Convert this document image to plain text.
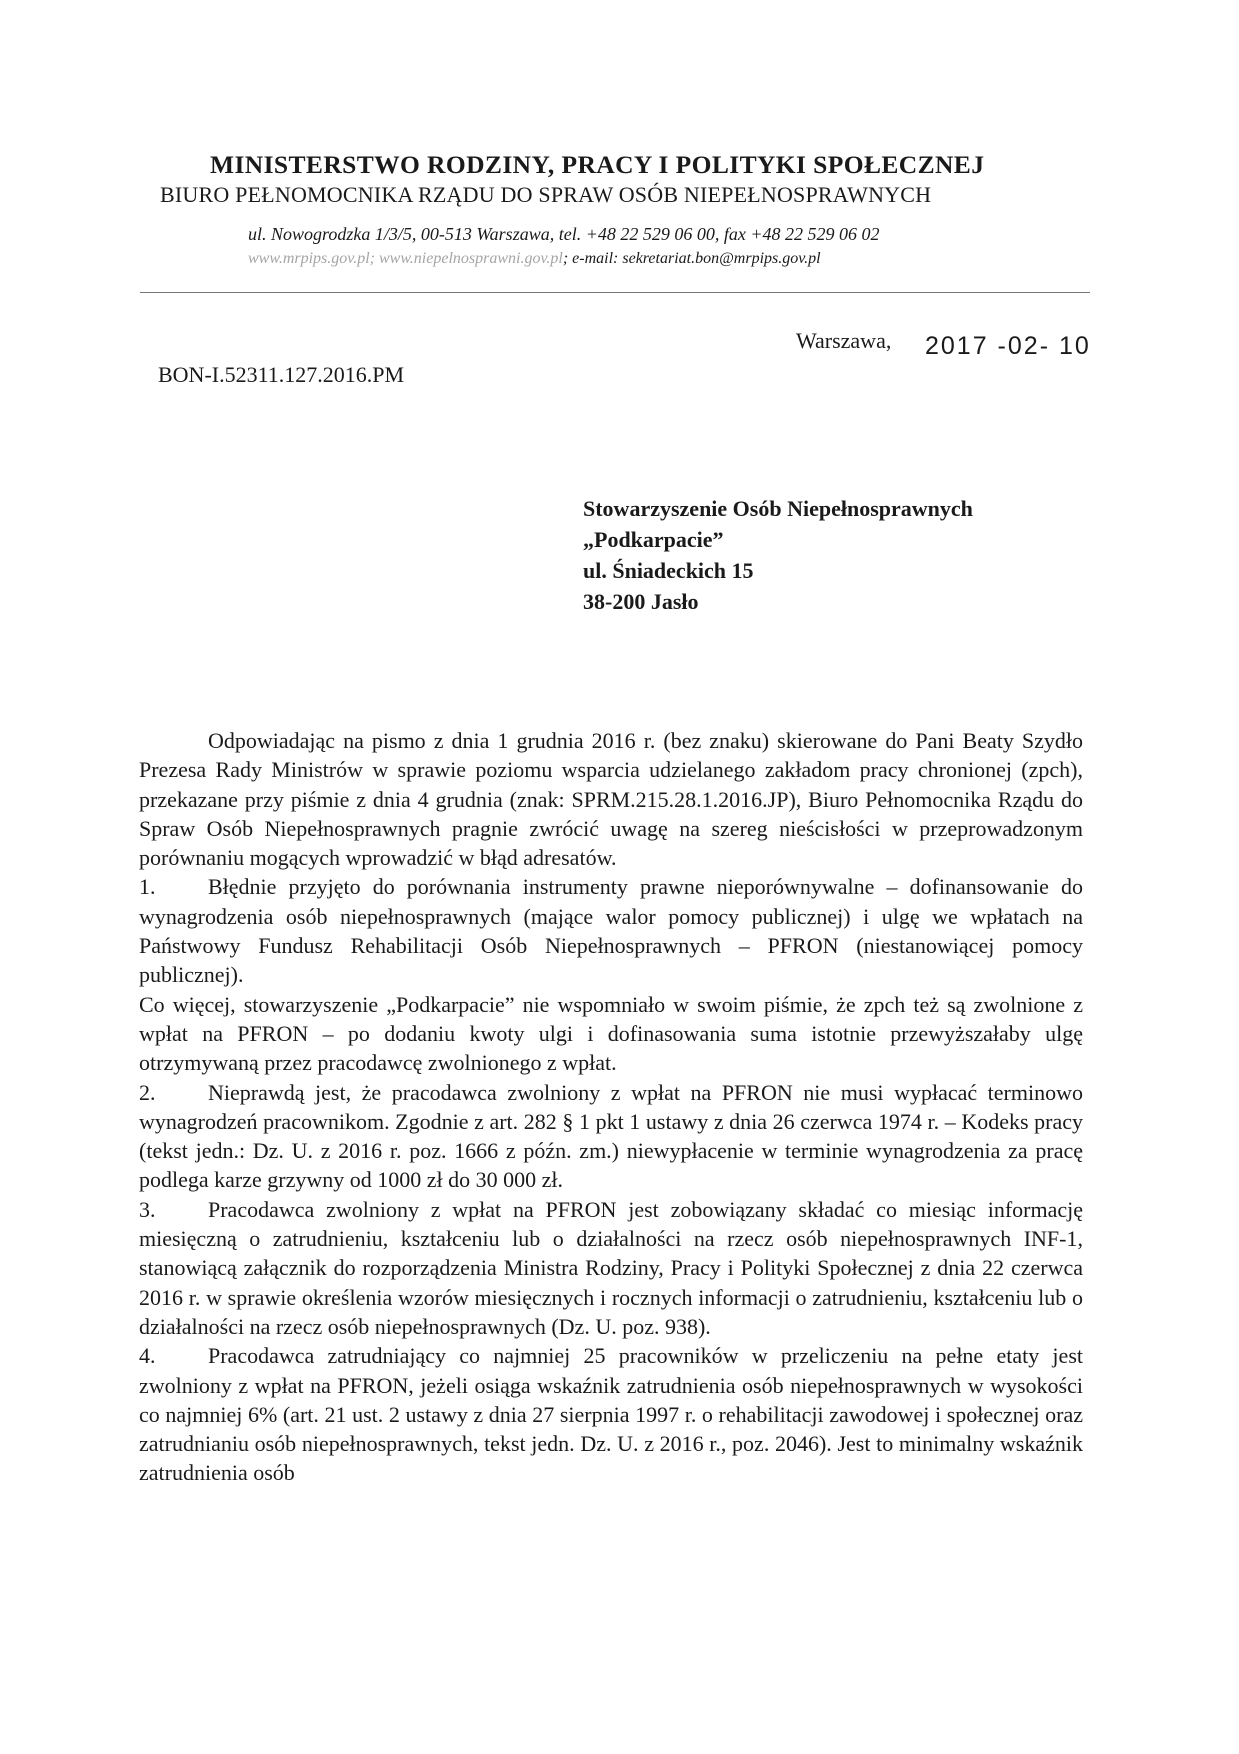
MINISTERSTWO RODZINY, PRACY I POLITYKI SPOŁECZNEJ
BIURO PEŁNOMOCNIKA RZĄDU DO SPRAW OSÓB NIEPEŁNOSPRAWNYCH
ul. Nowogrodzka 1/3/5, 00-513 Warszawa, tel. +48 22 529 06 00, fax +48 22 529 06 02
www.mrpips.gov.pl; www.niepelnosprawni.gov.pl; e-mail: sekretariat.bon@mrpips.gov.pl
Warszawa, 2017 -02- 10
BON-I.52311.127.2016.PM
Stowarzyszenie Osób Niepełnosprawnych
„Podkarpacie”
ul. Śniadeckich 15
38-200 Jasło

Odpowiadając na pismo z dnia 1 grudnia 2016 r. (bez znaku) skierowane do Pani Beaty Szydło Prezesa Rady Ministrów w sprawie poziomu wsparcia udzielanego zakładom pracy chronionej (zpch), przekazane przy piśmie z dnia 4 grudnia (znak: SPRM.215.28.1.2016.JP), Biuro Pełnomocnika Rządu do Spraw Osób Niepełnosprawnych pragnie zwrócić uwagę na szereg nieścisłości w przeprowadzonym porównaniu mogących wprowadzić w błąd adresatów.

1. Błędnie przyjęto do porównania instrumenty prawne nieporównywalne – dofinansowanie do wynagrodzenia osób niepełnosprawnych (mające walor pomocy publicznej) i ulgę we wpłatach na Państwowy Fundusz Rehabilitacji Osób Niepełnosprawnych – PFRON (niestanowiącej pomocy publicznej).

Co więcej, stowarzyszenie „Podkarpacie” nie wspomniało w swoim piśmie, że zpch też są zwolnione z wpłat na PFRON – po dodaniu kwoty ulgi i dofinasowania suma istotnie przewyższałaby ulgę otrzymywaną przez pracodawcę zwolnionego z wpłat.

2. Nieprawdą jest, że pracodawca zwolniony z wpłat na PFRON nie musi wypłacać terminowo wynagrodzeń pracownikom. Zgodnie z art. 282 § 1 pkt 1 ustawy z dnia 26 czerwca 1974 r. – Kodeks pracy (tekst jedn.: Dz. U. z 2016 r. poz. 1666 z późn. zm.) niewypłacenie w terminie wynagrodzenia za pracę podlega karze grzywny od 1000 zł do 30 000 zł.

3. Pracodawca zwolniony z wpłat na PFRON jest zobowiązany składać co miesiąc informację miesięczną o zatrudnieniu, kształceniu lub o działalności na rzecz osób niepełnosprawnych INF-1, stanowiącą załącznik do rozporządzenia Ministra Rodziny, Pracy i Polityki Społecznej z dnia 22 czerwca 2016 r. w sprawie określenia wzorów miesięcznych i rocznych informacji o zatrudnieniu, kształceniu lub o działalności na rzecz osób niepełnosprawnych (Dz. U. poz. 938).

4. Pracodawca zatrudniający co najmniej 25 pracowników w przeliczeniu na pełne etaty jest zwolniony z wpłat na PFRON, jeżeli osiąga wskaźnik zatrudnienia osób niepełnosprawnych w wysokości co najmniej 6% (art. 21 ust. 2 ustawy z dnia 27 sierpnia 1997 r. o rehabilitacji zawodowej i społecznej oraz zatrudnianiu osób niepełnosprawnych, tekst jedn. Dz. U. z 2016 r., poz. 2046). Jest to minimalny wskaźnik zatrudnienia osób
